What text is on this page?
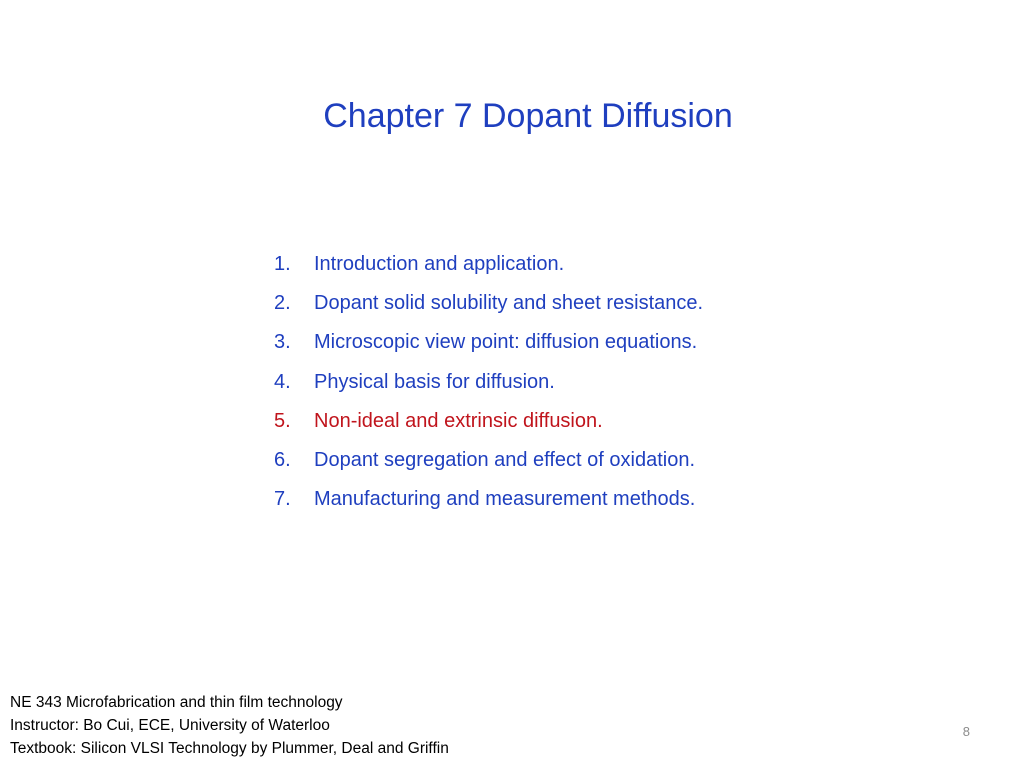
Chapter 7 Dopant Diffusion
1.	Introduction and application.
2.	Dopant solid solubility and sheet resistance.
3.	Microscopic view point: diffusion equations.
4.	Physical basis for diffusion.
5.	Non-ideal and extrinsic diffusion.
6.	Dopant segregation and effect of oxidation.
7.	Manufacturing and measurement methods.
NE 343 Microfabrication and thin film technology
Instructor: Bo Cui, ECE, University of Waterloo
Textbook: Silicon VLSI Technology by Plummer, Deal and Griffin
8
